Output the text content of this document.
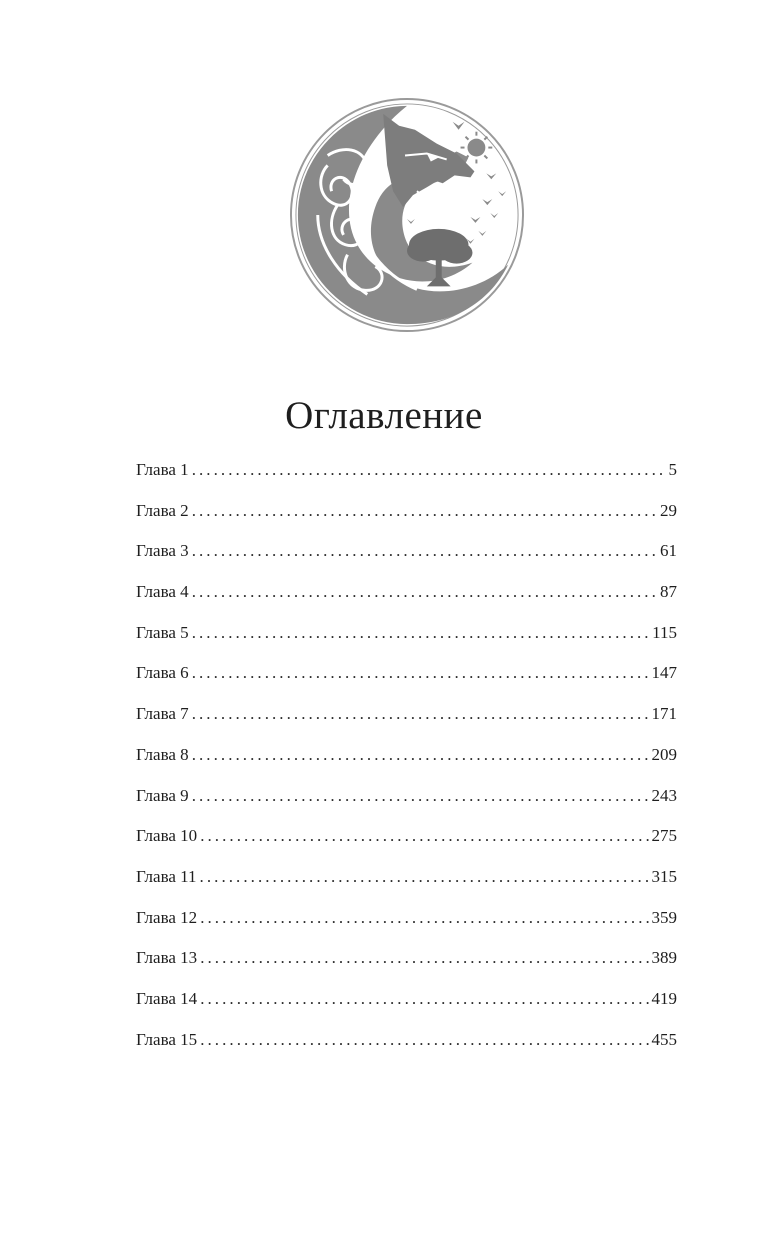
Оглавление
Глава 1 . . .	5
Глава 2 . . .	29
Глава 3 . . .	61
Глава 4 . . .	87
Глава 5 . . .	115
Глава 6 . . .	147
Глава 7 . . .	171
Глава 8 . . .	209
Глава 9 . . .	243
Глава 10 . . .	275
Глава 11 . . .	315
Глава 12 . . .	359
Глава 13 . . .	389
Глава 14 . . .	419
Глава 15 . . .	455
